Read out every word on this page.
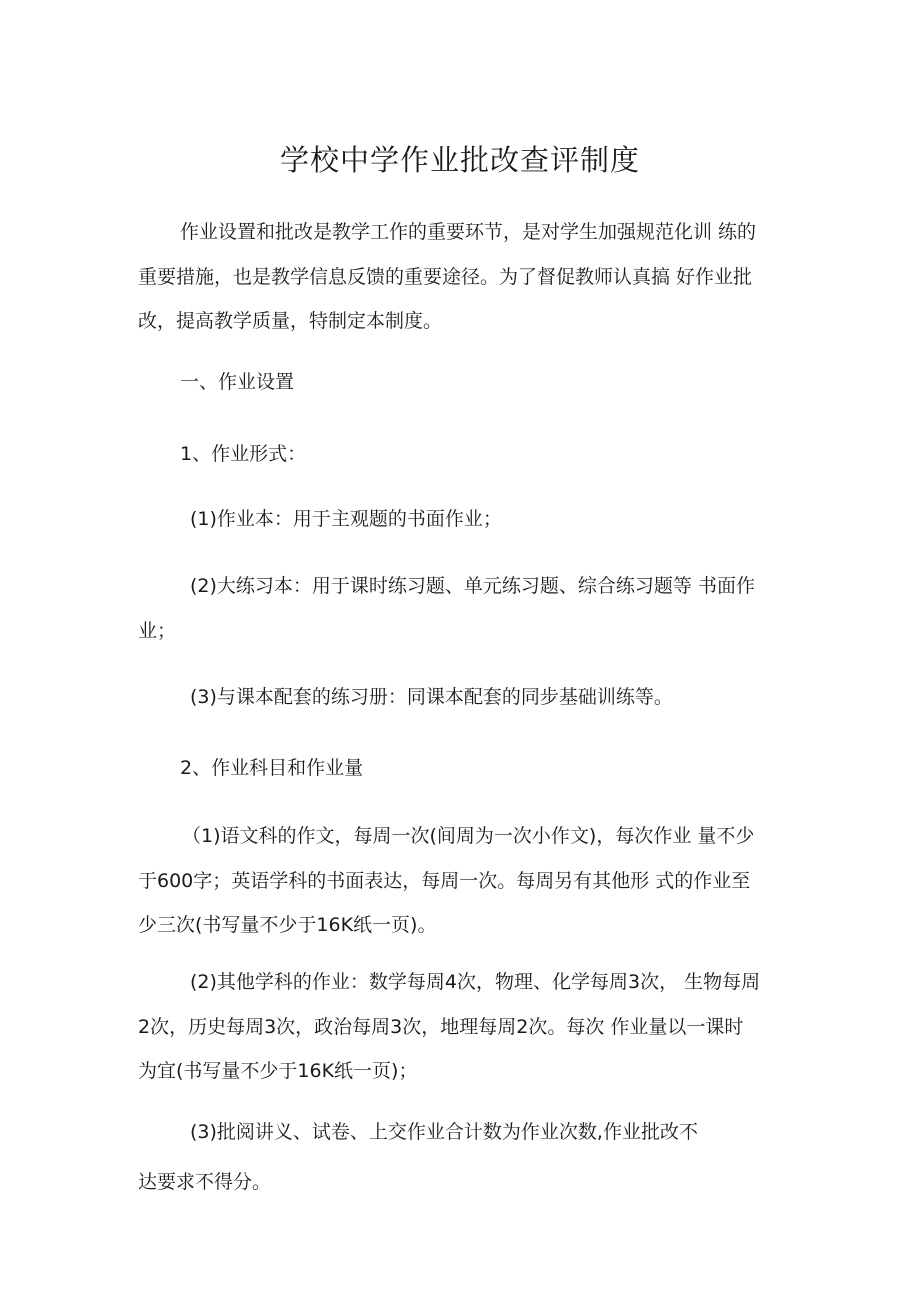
学校中学作业批改查评制度
作业设置和批改是教学工作的重要环节，是对学生加强规范化训 练的
重要措施，也是教学信息反馈的重要途径。为了督促教师认真搞 好作业批
改，提高教学质量，特制定本制度。
一、作业设置
1、作业形式：
(1)作业本：用于主观题的书面作业；
(2)大练习本：用于课时练习题、单元练习题、综合练习题等 书面作
业；
(3)与课本配套的练习册：同课本配套的同步基础训练等。
2、作业科目和作业量
（1)语文科的作文，每周一次(间周为一次小作文)，每次作业 量不少
于600字；英语学科的书面表达，每周一次。每周另有其他形 式的作业至
少三次(书写量不少于16K纸一页)。
(2)其他学科的作业：数学每周4次，物理、化学每周3次， 生物每周
2次，历史每周3次，政治每周3次，地理每周2次。每次 作业量以一课时
为宜(书写量不少于16K纸一页)；
(3)批阅讲义、试卷、上交作业合计数为作业次数,作业批改不
达要求不得分。
